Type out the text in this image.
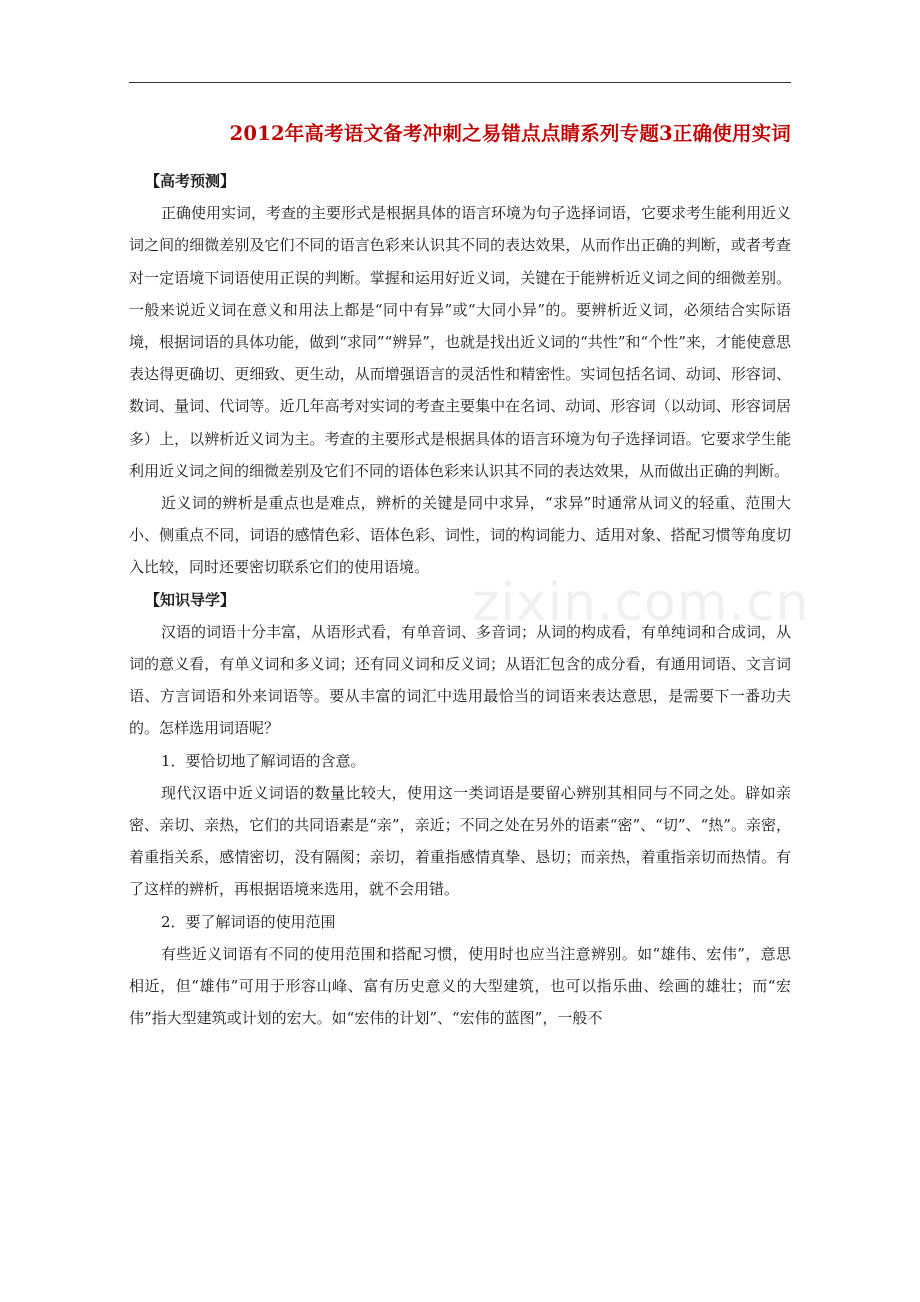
2012年高考语文备考冲刺之易错点点睛系列专题3正确使用实词
zixin.com.cn

【高考预测】

正确使用实词，考查的主要形式是根据具体的语言环境为句子选择词语，它要求考生能利用近义词之间的细微差别及它们不同的语言色彩来认识其不同的表达效果，从而作出正确的判断，或者考查对一定语境下词语使用正误的判断。掌握和运用好近义词，关键在于能辨析近义词之间的细微差别。一般来说近义词在意义和用法上都是“同中有异”或“大同小异”的。要辨析近义词，必须结合实际语境，根据词语的具体功能，做到“求同”“辨异”，也就是找出近义词的“共性”和“个性”来，才能使意思表达得更确切、更细致、更生动，从而增强语言的灵活性和精密性。实词包括名词、动词、形容词、数词、量词、代词等。近几年高考对实词的考查主要集中在名词、动词、形容词（以动词、形容词居多）上，以辨析近义词为主。考查的主要形式是根据具体的语言环境为句子选择词语。它要求学生能利用近义词之间的细微差别及它们不同的语体色彩来认识其不同的表达效果，从而做出正确的判断。

近义词的辨析是重点也是难点，辨析的关键是同中求异，“求异”时通常从词义的轻重、范围大小、侧重点不同，词语的感情色彩、语体色彩、词性，词的构词能力、适用对象、搭配习惯等角度切入比较，同时还要密切联系它们的使用语境。

【知识导学】

汉语的词语十分丰富，从语形式看，有单音词、多音词；从词的构成看，有单纯词和合成词，从词的意义看，有单义词和多义词；还有同义词和反义词；从语汇包含的成分看，有通用词语、文言词语、方言词语和外来词语等。要从丰富的词汇中选用最恰当的词语来表达意思，是需要下一番功夫的。怎样选用词语呢？

1．要恰切地了解词语的含意。

现代汉语中近义词语的数量比较大，使用这一类词语是要留心辨别其相同与不同之处。辟如亲密、亲切、亲热，它们的共同语素是“亲”，亲近；不同之处在另外的语素“密”、“切”、“热”。亲密，着重指关系，感情密切，没有隔阂；亲切，着重指感情真挚、恳切；而亲热，着重指亲切而热情。有了这样的辨析，再根据语境来选用，就不会用错。

2．要了解词语的使用范围

有些近义词语有不同的使用范围和搭配习惯，使用时也应当注意辨别。如“雄伟、宏伟”，意思相近，但“雄伟”可用于形容山峰、富有历史意义的大型建筑，也可以指乐曲、绘画的雄壮；而“宏伟”指大型建筑或计划的宏大。如“宏伟的计划”、“宏伟的蓝图”，一般不
